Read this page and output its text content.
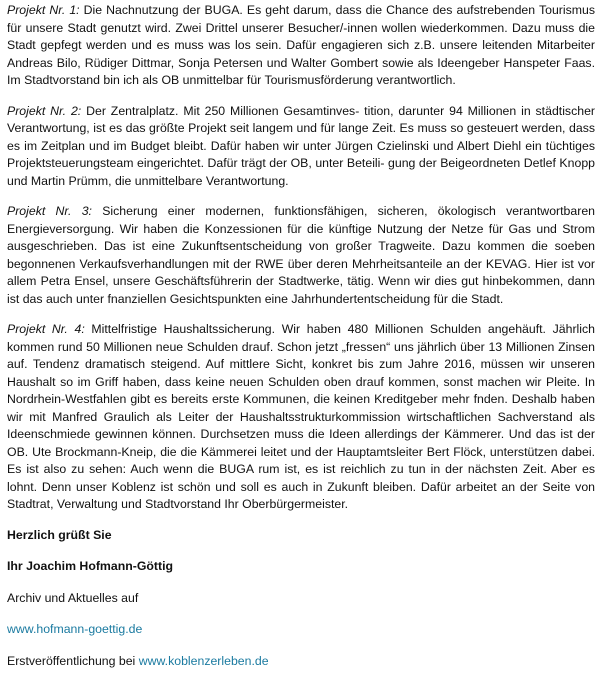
Projekt Nr. 1: Die Nachnutzung der BUGA. Es geht darum, dass die Chance des aufstrebenden Tourismus für unsere Stadt genutzt wird. Zwei Drittel unserer Besucher/-innen wollen wiederkommen. Dazu muss die Stadt gepfegt werden und es muss was los sein. Dafür engagieren sich z.B. unsere leitenden Mitarbeiter Andreas Bilo, Rüdiger Dittmar, Sonja Petersen und Walter Gombert sowie als Ideengeber Hanspeter Faas. Im Stadtvorstand bin ich als OB unmittelbar für Tourismusförderung verantwortlich.

Projekt Nr. 2: Der Zentralplatz. Mit 250 Millionen Gesamtinves- tition, darunter 94 Millionen in städtischer Verantwortung, ist es das größte Projekt seit langem und für lange Zeit. Es muss so gesteuert werden, dass es im Zeitplan und im Budget bleibt. Dafür haben wir unter Jürgen Czielinski und Albert Diehl ein tüchtiges Projektsteuerungsteam eingerichtet. Dafür trägt der OB, unter Beteili- gung der Beigeordneten Detlef Knopp und Martin Prümm, die unmittelbare Verantwortung.

Projekt Nr. 3: Sicherung einer modernen, funktionsfähigen, sicheren, ökologisch verantwortbaren Energieversorgung. Wir haben die Konzessionen für die künftige Nutzung der Netze für Gas und Strom ausgeschrieben. Das ist eine Zukunftsentscheidung von großer Tragweite. Dazu kommen die soeben begonnenen Verkaufsverhandlungen mit der RWE über deren Mehrheitsanteile an der KEVAG. Hier ist vor allem Petra Ensel, unsere Geschäftsführerin der Stadtwerke, tätig. Wenn wir dies gut hinbekommen, dann ist das auch unter fnanziellen Gesichtspunkten eine Jahrhundertentscheidung für die Stadt.

Projekt Nr. 4: Mittelfristige Haushaltssicherung. Wir haben 480 Millionen Schulden angehäuft. Jährlich kommen rund 50 Millionen neue Schulden drauf. Schon jetzt „fressen“ uns jährlich über 13 Millionen Zinsen auf. Tendenz dramatisch steigend. Auf mittlere Sicht, konkret bis zum Jahre 2016, müssen wir unseren Haushalt so im Griff haben, dass keine neuen Schulden oben drauf kommen, sonst machen wir Pleite. In Nordrhein-Westfahlen gibt es bereits erste Kommunen, die keinen Kreditgeber mehr fnden. Deshalb haben wir mit Manfred Graulich als Leiter der Haushaltsstrukturkommission wirtschaftlichen Sachverstand als Ideenschmiede gewinnen können. Durchsetzen muss die Ideen allerdings der Kämmerer. Und das ist der OB. Ute Brockmann-Kneip, die die Kämmerei leitet und der Hauptamtsleiter Bert Flöck, unterstützen dabei. Es ist also zu sehen: Auch wenn die BUGA rum ist, es ist reichlich zu tun in der nächsten Zeit. Aber es lohnt. Denn unser Koblenz ist schön und soll es auch in Zukunft bleiben. Dafür arbeitet an der Seite von Stadtrat, Verwaltung und Stadtvorstand Ihr Oberbürgermeister.

Herzlich grüßt Sie

Ihr Joachim Hofmann-Göttig

Archiv und Aktuelles auf

www.hofmann-goettig.de

Erstveröffentlichung bei www.koblenzerleben.de
